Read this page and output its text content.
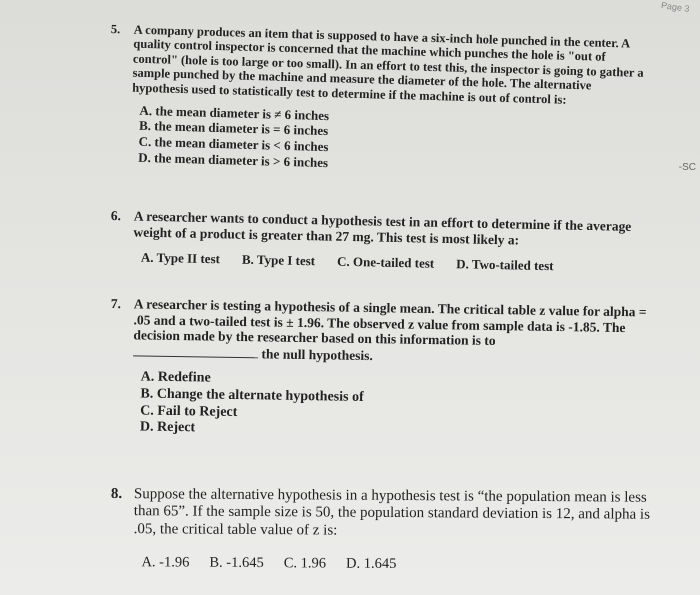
Page 3
-SC
5. A company produces an item that is supposed to have a six-inch hole punched in the center. A quality control inspector is concerned that the machine which punches the hole is "out of control" (hole is too large or too small). In an effort to test this, the inspector is going to gather a sample punched by the machine and measure the diameter of the hole. The alternative hypothesis used to statistically test to determine if the machine is out of control is:
A. the mean diameter is ≠ 6 inches
B. the mean diameter is = 6 inches
C. the mean diameter is < 6 inches
D. the mean diameter is > 6 inches
6. A researcher wants to conduct a hypothesis test in an effort to determine if the average weight of a product is greater than 27 mg. This test is most likely a:
A. Type II test B. Type I test C. One-tailed test D. Two-tailed test
7. A researcher is testing a hypothesis of a single mean. The critical table z value for alpha = .05 and a two-tailed test is ± 1.96. The observed z value from sample data is -1.85. The decision made by the researcher based on this information is to
the null hypothesis.
A. Redefine
B. Change the alternate hypothesis of
C. Fail to Reject
D. Reject
8. Suppose the alternative hypothesis in a hypothesis test is “the population mean is less than 65”. If the sample size is 50, the population standard deviation is 12, and alpha is .05, the critical table value of z is:
A. -1.96 B. -1.645 C. 1.96 D. 1.645
